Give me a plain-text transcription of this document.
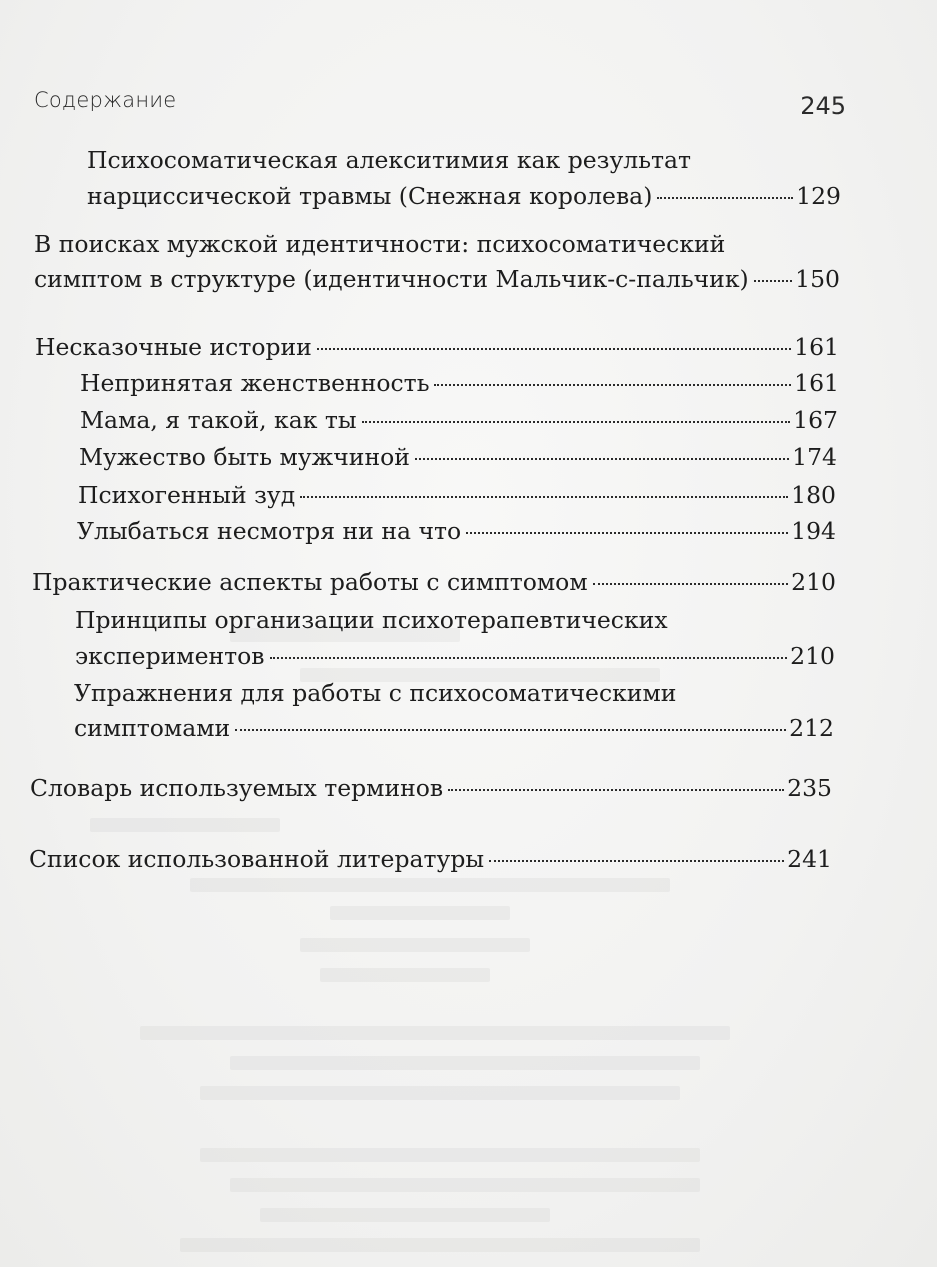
Содержание	245
Психосоматическая алекситимия как результат
нарциссической травмы (Снежная королева)	129
В поисках мужской идентичности: психосоматический
симптом в структуре (идентичности Мальчик-с-пальчик) 150
Несказочные истории	161
Непринятая женственность	161
Мама, я такой, как ты	167
Мужество быть мужчиной	174
Психогенный зуд	180
Улыбаться несмотря ни на что	194
Практические аспекты работы с симптомом	210
Принципы организации психотерапевтических
экспериментов	210
Упражнения для работы с психосоматическими
симптомами	212
Словарь используемых терминов	235
Список использованной литературы	241
